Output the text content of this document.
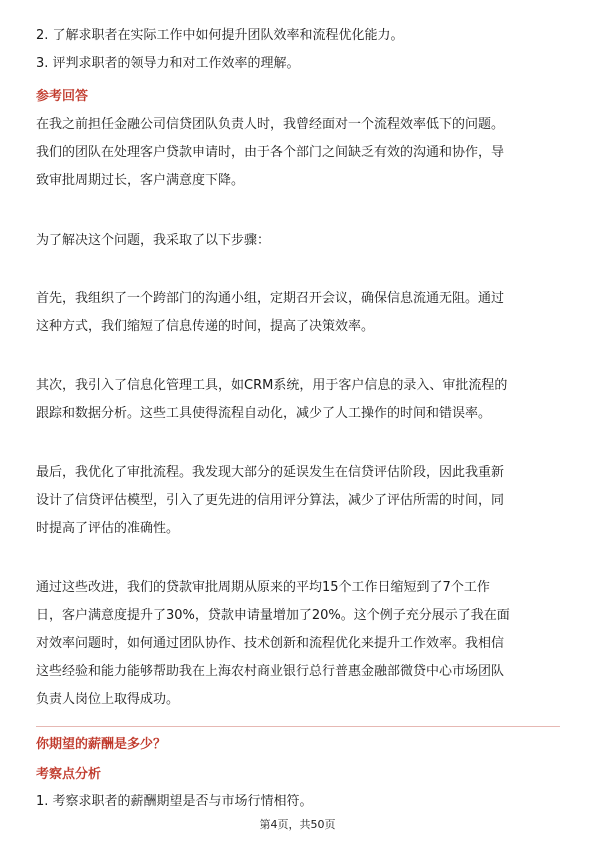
2. 了解求职者在实际工作中如何提升团队效率和流程优化能力。
3. 评判求职者的领导力和对工作效率的理解。
参考回答
在我之前担任金融公司信贷团队负责人时，我曾经面对一个流程效率低下的问题。
我们的团队在处理客户贷款申请时，由于各个部门之间缺乏有效的沟通和协作，导
致审批周期过长，客户满意度下降。
为了解决这个问题，我采取了以下步骤：
首先，我组织了一个跨部门的沟通小组，定期召开会议，确保信息流通无阻。通过
这种方式，我们缩短了信息传递的时间，提高了决策效率。
其次，我引入了信息化管理工具，如CRM系统，用于客户信息的录入、审批流程的
跟踪和数据分析。这些工具使得流程自动化，减少了人工操作的时间和错误率。
最后，我优化了审批流程。我发现大部分的延误发生在信贷评估阶段，因此我重新
设计了信贷评估模型，引入了更先进的信用评分算法，减少了评估所需的时间，同
时提高了评估的准确性。
通过这些改进，我们的贷款审批周期从原来的平均15个工作日缩短到了7个工作
日，客户满意度提升了30%，贷款申请量增加了20%。这个例子充分展示了我在面
对效率问题时，如何通过团队协作、技术创新和流程优化来提升工作效率。我相信
这些经验和能力能够帮助我在上海农村商业银行总行普惠金融部微贷中心市场团队
负责人岗位上取得成功。
你期望的薪酬是多少？
考察点分析
1. 考察求职者的薪酬期望是否与市场行情相符。
第4页，共50页
